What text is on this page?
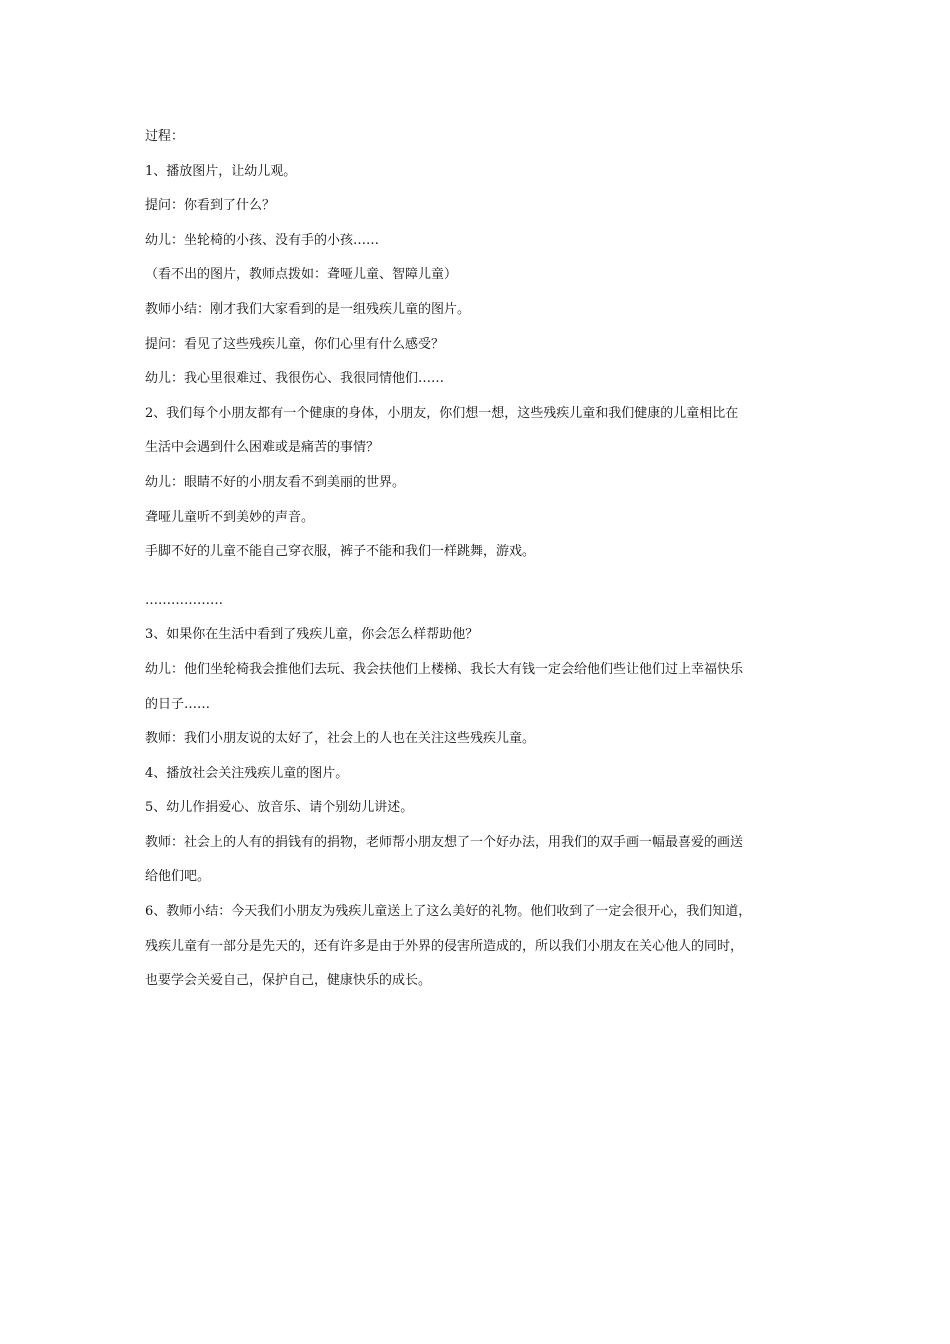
过程：
1、播放图片，让幼儿观。
提问：你看到了什么？
幼儿：坐轮椅的小孩、没有手的小孩……
（看不出的图片，教师点拨如：聋哑儿童、智障儿童）
教师小结：刚才我们大家看到的是一组残疾儿童的图片。
提问：看见了这些残疾儿童，你们心里有什么感受？
幼儿：我心里很难过、我很伤心、我很同情他们……
2、我们每个小朋友都有一个健康的身体，小朋友，你们想一想，这些残疾儿童和我们健康的儿童相比在
生活中会遇到什么困难或是痛苦的事情？
幼儿：眼睛不好的小朋友看不到美丽的世界。
聋哑儿童听不到美妙的声音。
手脚不好的儿童不能自己穿衣服，裤子不能和我们一样跳舞，游戏。
………………
3、如果你在生活中看到了残疾儿童，你会怎么样帮助他？
幼儿：他们坐轮椅我会推他们去玩、我会扶他们上楼梯、我长大有钱一定会给他们些让他们过上幸福快乐
的日子……
教师：我们小朋友说的太好了，社会上的人也在关注这些残疾儿童。
4、播放社会关注残疾儿童的图片。
5、幼儿作捐爱心、放音乐、请个别幼儿讲述。
教师：社会上的人有的捐钱有的捐物，老师帮小朋友想了一个好办法，用我们的双手画一幅最喜爱的画送
给他们吧。
6、教师小结：今天我们小朋友为残疾儿童送上了这么美好的礼物。他们收到了一定会很开心，我们知道，
残疾儿童有一部分是先天的，还有许多是由于外界的侵害所造成的，所以我们小朋友在关心他人的同时，
也要学会关爱自己，保护自己，健康快乐的成长。
